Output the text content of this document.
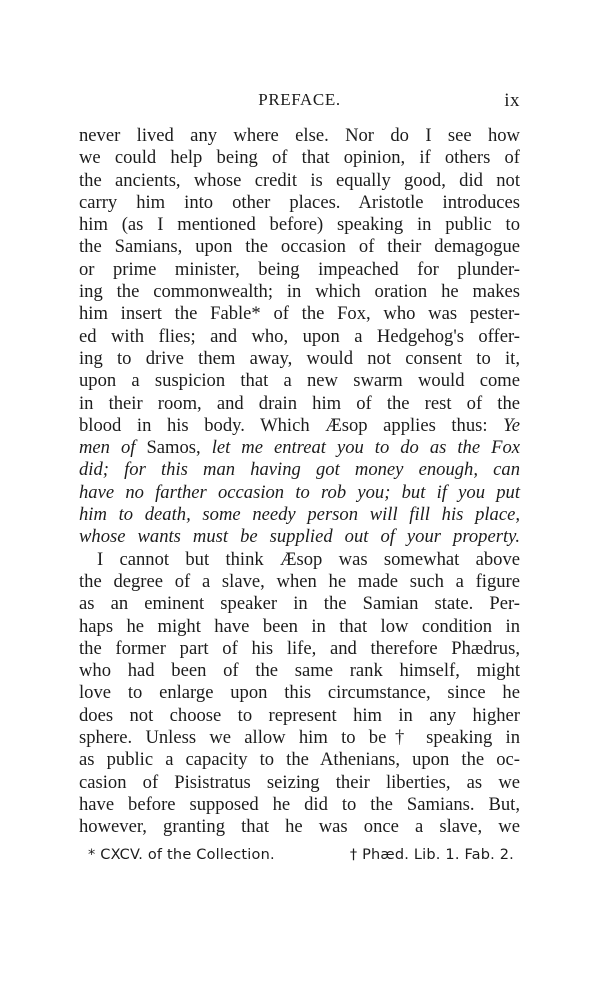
PREFACE.	ix
never lived any where else. Nor do I see how
we could help being of that opinion, if others of
the ancients, whose credit is equally good, did not
carry him into other places. Aristotle introduces
him (as I mentioned before) speaking in public to
the Samians, upon the occasion of their demagogue
or prime minister, being impeached for plunder-
ing the commonwealth; in which oration he makes
him insert the Fable* of the Fox, who was pester-
ed with flies; and who, upon a Hedgehog's offer-
ing to drive them away, would not consent to it,
upon a suspicion that a new swarm would come
in their room, and drain him of the rest of the
blood in his body. Which Æsop applies thus: Ye
men of Samos, let me entreat you to do as the Fox
did; for this man having got money enough, can
have no farther occasion to rob you; but if you put
him to death, some needy person will fill his place,
whose wants must be supplied out of your property.
I cannot but think Æsop was somewhat above
the degree of a slave, when he made such a figure
as an eminent speaker in the Samian state. Per-
haps he might have been in that low condition in
the former part of his life, and therefore Phædrus,
who had been of the same rank himself, might
love to enlarge upon this circumstance, since he
does not choose to represent him in any higher
sphere. Unless we allow him to be† speaking in
as public a capacity to the Athenians, upon the oc-
casion of Pisistratus seizing their liberties, as we
have before supposed he did to the Samians. But,
however, granting that he was once a slave, we
* CXCV. of the Collection.	† Phæd. Lib. 1. Fab. 2.
